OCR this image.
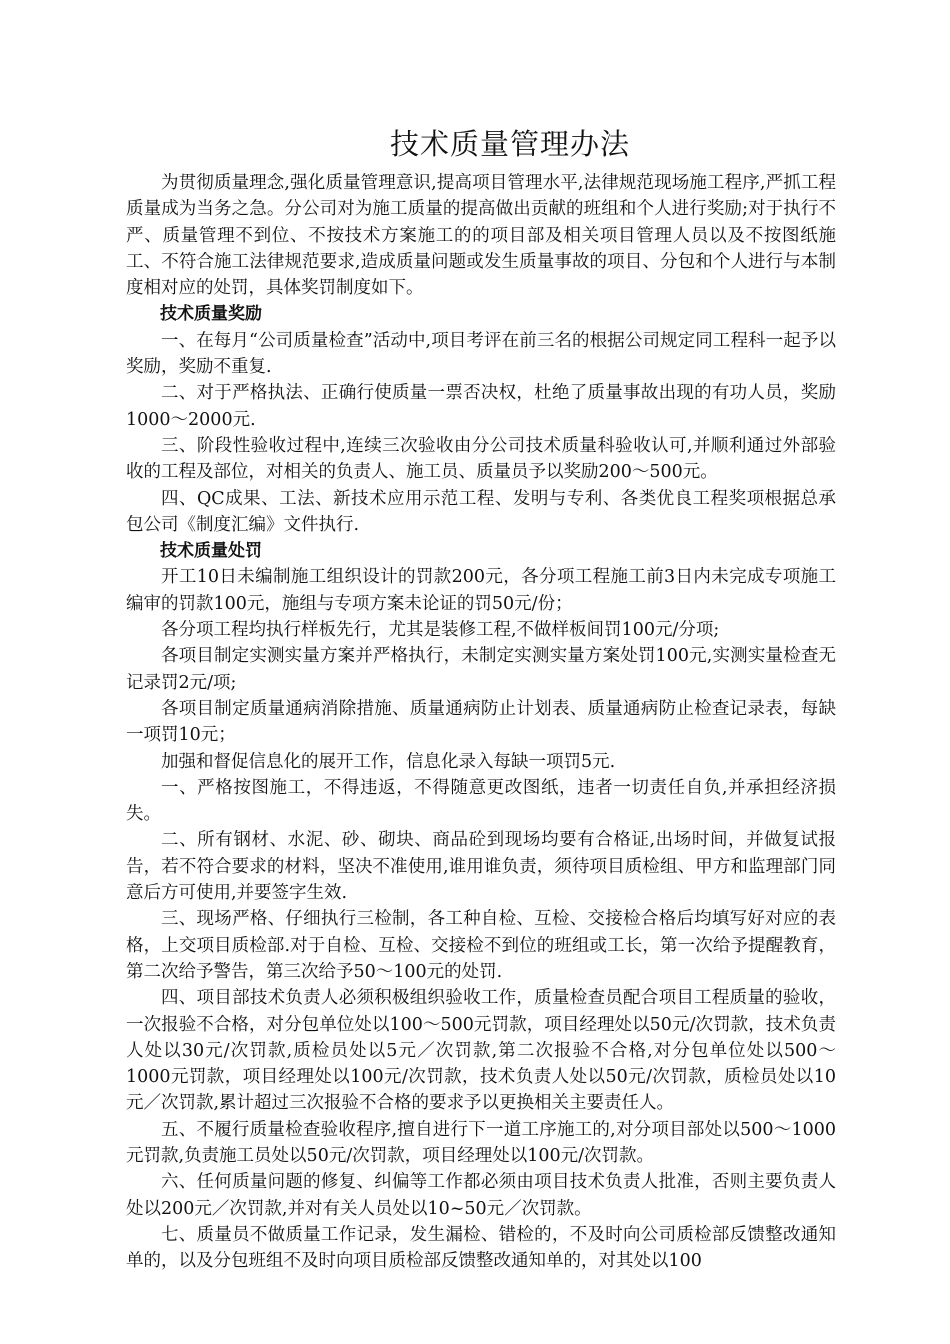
技术质量管理办法

为贯彻质量理念,强化质量管理意识,提高项目管理水平,法律规范现场施工程序,严抓工程质量成为当务之急。分公司对为施工质量的提高做出贡献的班组和个人进行奖励;对于执行不严、质量管理不到位、不按技术方案施工的的项目部及相关项目管理人员以及不按图纸施工、不符合施工法律规范要求,造成质量问题或发生质量事故的项目、分包和个人进行与本制度相对应的处罚，具体奖罚制度如下。

技术质量奖励

一、在每月“公司质量检查”活动中,项目考评在前三名的根据公司规定同工程科一起予以奖励，奖励不重复.

二、对于严格执法、正确行使质量一票否决权，杜绝了质量事故出现的有功人员，奖励1000～2000元.

三、阶段性验收过程中,连续三次验收由分公司技术质量科验收认可,并顺利通过外部验收的工程及部位，对相关的负责人、施工员、质量员予以奖励200～500元。

四、QC成果、工法、新技术应用示范工程、发明与专利、各类优良工程奖项根据总承包公司《制度汇编》文件执行.

技术质量处罚

开工10日未编制施工组织设计的罚款200元，各分项工程施工前3日内未完成专项施工编审的罚款100元，施组与专项方案未论证的罚50元/份；

各分项工程均执行样板先行，尤其是装修工程,不做样板间罚100元/分项;

各项目制定实测实量方案并严格执行，未制定实测实量方案处罚100元,实测实量检查无记录罚2元/项;

各项目制定质量通病消除措施、质量通病防止计划表、质量通病防止检查记录表，每缺一项罚10元；

加强和督促信息化的展开工作，信息化录入每缺一项罚5元.

一、严格按图施工，不得违返，不得随意更改图纸，违者一切责任自负,并承担经济损失。

二、所有钢材、水泥、砂、砌块、商品砼到现场均要有合格证,出场时间，并做复试报告，若不符合要求的材料，坚决不准使用,谁用谁负责，须待项目质检组、甲方和监理部门同意后方可使用,并要签字生效.

三、现场严格、仔细执行三检制，各工种自检、互检、交接检合格后均填写好对应的表格，上交项目质检部.对于自检、互检、交接检不到位的班组或工长，第一次给予提醒教育，第二次给予警告，第三次给予50～100元的处罚.

四、项目部技术负责人必须积极组织验收工作，质量检查员配合项目工程质量的验收，一次报验不合格，对分包单位处以100～500元罚款，项目经理处以50元/次罚款，技术负责人处以30元/次罚款,质检员处以5元／次罚款,第二次报验不合格,对分包单位处以500～1000元罚款，项目经理处以100元/次罚款，技术负责人处以50元/次罚款，质检员处以10元／次罚款,累计超过三次报验不合格的要求予以更换相关主要责任人。

五、不履行质量检查验收程序,擅自进行下一道工序施工的,对分项目部处以500～1000元罚款,负责施工员处以50元/次罚款，项目经理处以100元/次罚款。

六、任何质量问题的修复、纠偏等工作都必须由项目技术负责人批准，否则主要负责人处以200元／次罚款,并对有关人员处以10~50元／次罚款。

七、质量员不做质量工作记录，发生漏检、错检的，不及时向公司质检部反馈整改通知单的，以及分包班组不及时向项目质检部反馈整改通知单的，对其处以100
